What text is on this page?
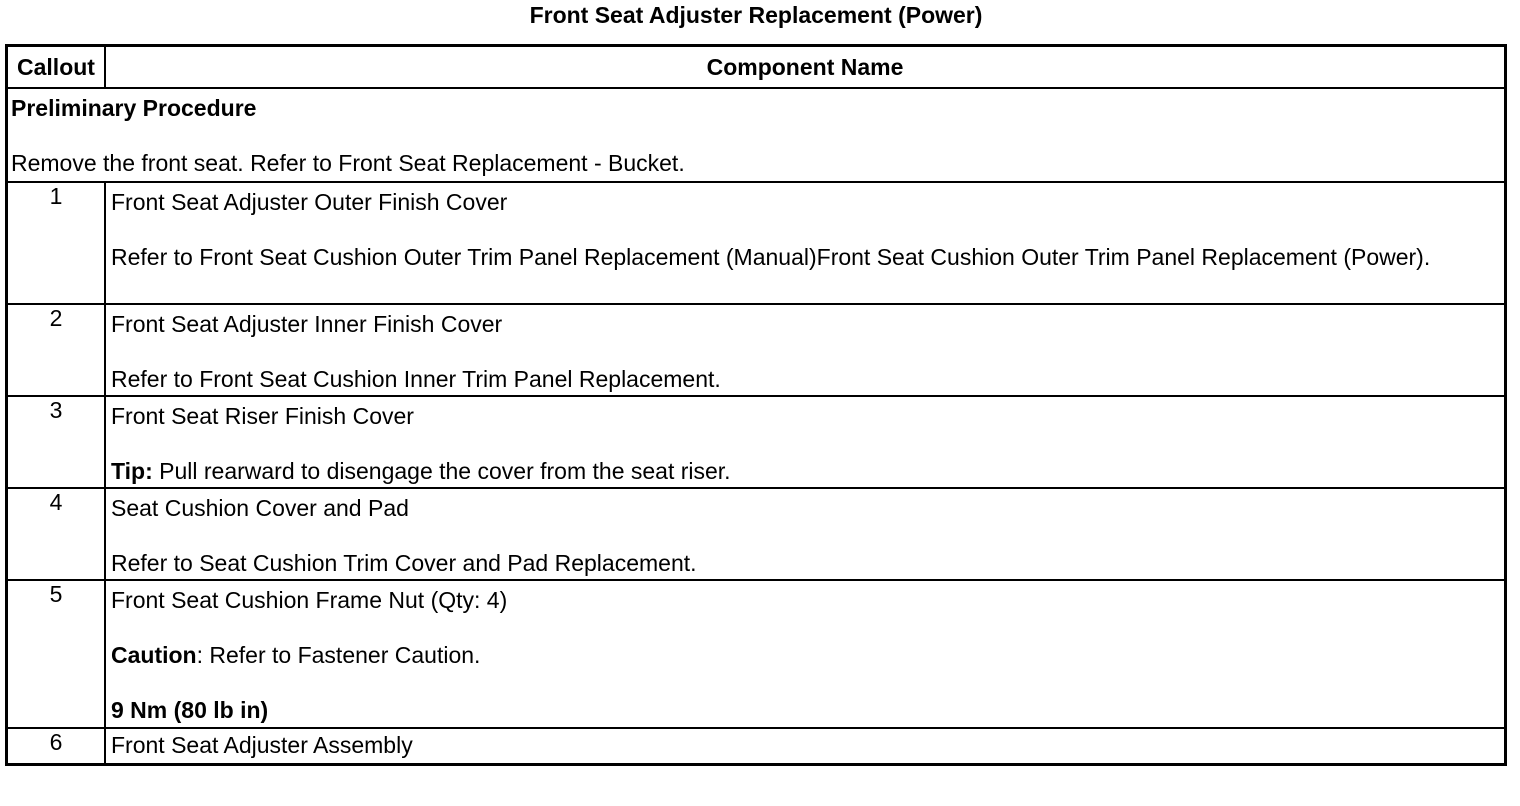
Front Seat Adjuster Replacement (Power)
Callout	Component Name

Preliminary Procedure
Remove the front seat. Refer to Front Seat Replacement - Bucket.	

1	Front Seat Adjuster Outer Finish Cover
Refer to Front Seat Cushion Outer Trim Panel Replacement (Manual)Front Seat Cushion Outer Trim Panel Replacement (Power).

2	Front Seat Adjuster Inner Finish Cover
Refer to Front Seat Cushion Inner Trim Panel Replacement.

3	Front Seat Riser Finish Cover
Tip: Pull rearward to disengage the cover from the seat riser.

4	Seat Cushion Cover and Pad
Refer to Seat Cushion Trim Cover and Pad Replacement.

5	Front Seat Cushion Frame Nut (Qty: 4)
Caution: Refer to Fastener Caution.
9 Nm (80 lb in)

6	Front Seat Adjuster Assembly
